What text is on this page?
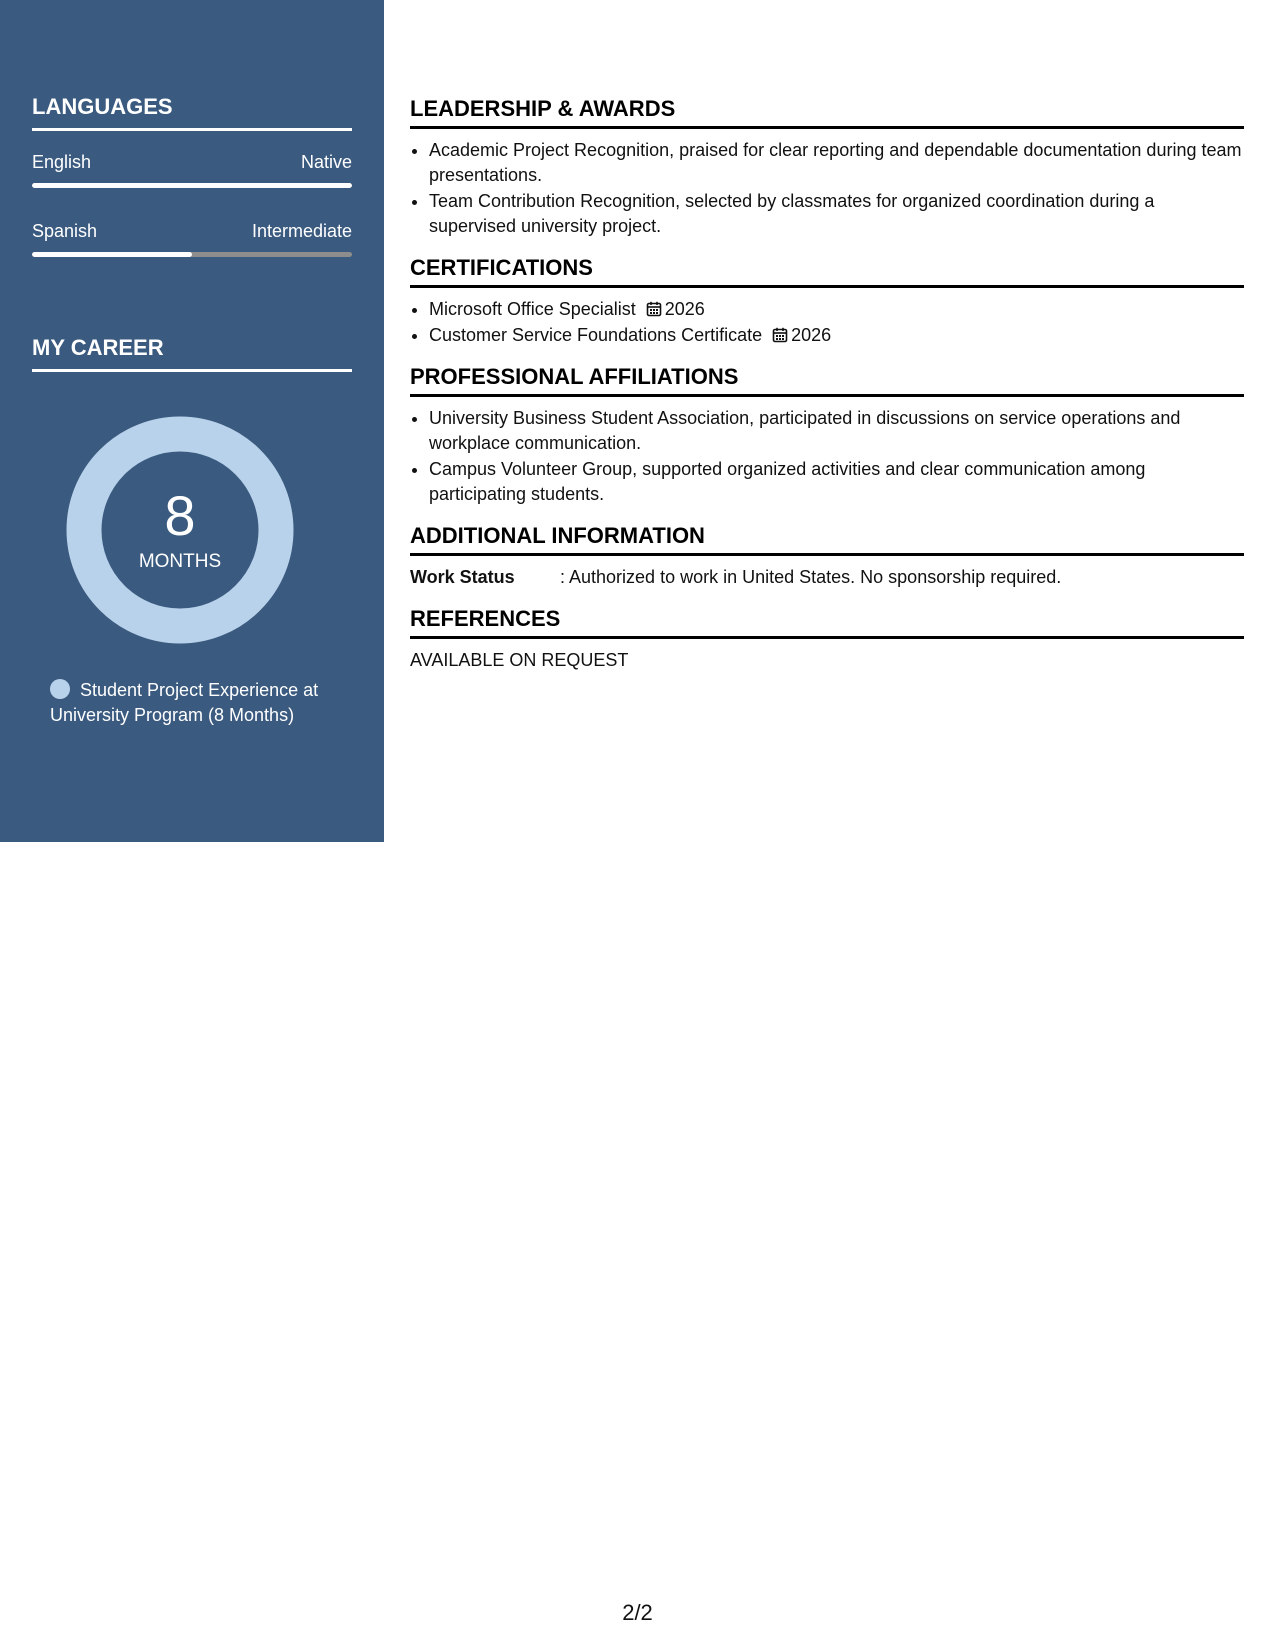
LANGUAGES
English	Native
Spanish	Intermediate
MY CAREER
8
MONTHS
Student Project Experience at University Program (8 Months)
LEADERSHIP & AWARDS
• Academic Project Recognition, praised for clear reporting and dependable documentation during team presentations.
• Team Contribution Recognition, selected by classmates for organized coordination during a supervised university project.
CERTIFICATIONS
• Microsoft Office Specialist 2026
• Customer Service Foundations Certificate 2026
PROFESSIONAL AFFILIATIONS
• University Business Student Association, participated in discussions on service operations and workplace communication.
• Campus Volunteer Group, supported organized activities and clear communication among participating students.
ADDITIONAL INFORMATION
Work Status	: Authorized to work in United States. No sponsorship required.
REFERENCES
AVAILABLE ON REQUEST
2/2
